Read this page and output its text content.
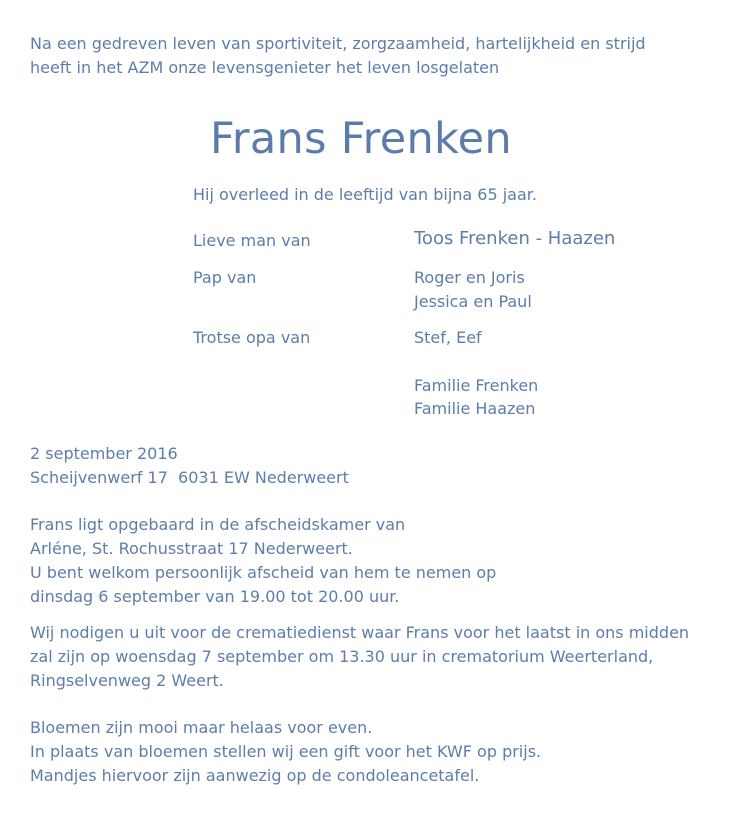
Na een gedreven leven van sportiviteit, zorgzaamheid, hartelijkheid en strijd
heeft in het AZM onze levensgenieter het leven losgelaten
Frans Frenken
Hij overleed in de leeftijd van bijna 65 jaar.
Lieve man van	Toos Frenken - Haazen
Pap van	Roger en Joris
Jessica en Paul
Trotse opa van	Stef, Eef
Familie Frenken
Familie Haazen
2 september 2016
Scheijvenwerf 17  6031 EW Nederweert
Frans ligt opgebaard in de afscheidskamer van
Arléne, St. Rochusstraat 17 Nederweert.
U bent welkom persoonlijk afscheid van hem te nemen op
dinsdag 6 september van 19.00 tot 20.00 uur.
Wij nodigen u uit voor de crematiedienst waar Frans voor het laatst in ons midden
zal zijn op woensdag 7 september om 13.30 uur in crematorium Weerterland,
Ringselvenweg 2 Weert.
Bloemen zijn mooi maar helaas voor even.
In plaats van bloemen stellen wij een gift voor het KWF op prijs.
Mandjes hiervoor zijn aanwezig op de condoleancetafel.
